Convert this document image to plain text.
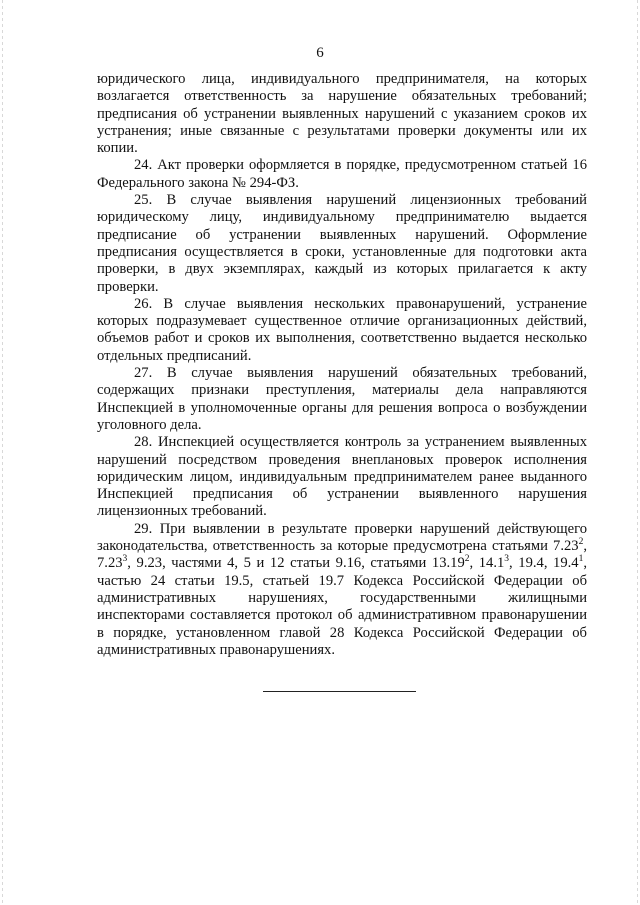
6

юридического лица, индивидуального предпринимателя, на которых возлагается ответственность за нарушение обязательных требований; предписания об устранении выявленных нарушений с указанием сроков их устранения; иные связанные с результатами проверки документы или их копии.

24. Акт проверки оформляется в порядке, предусмотренном статьей 16 Федерального закона № 294-ФЗ.

25. В случае выявления нарушений лицензионных требований юридическому лицу, индивидуальному предпринимателю выдается предписание об устранении выявленных нарушений. Оформление предписания осуществляется в сроки, установленные для подготовки акта проверки, в двух экземплярах, каждый из которых прилагается к акту проверки.

26. В случае выявления нескольких правонарушений, устранение которых подразумевает существенное отличие организационных действий, объемов работ и сроков их выполнения, соответственно выдается несколько отдельных предписаний.

27. В случае выявления нарушений обязательных требований, содержащих признаки преступления, материалы дела направляются Инспекцией в уполномоченные органы для решения вопроса о возбуждении уголовного дела.

28. Инспекцией осуществляется контроль за устранением выявленных нарушений посредством проведения внеплановых проверок исполнения юридическим лицом, индивидуальным предпринимателем ранее выданного Инспекцией предписания об устранении выявленного нарушения лицензионных требований.

29. При выявлении в результате проверки нарушений действующего законодательства, ответственность за которые предусмотрена статьями 7.23$^2$, 7.23$^3$, 9.23, частями 4, 5 и 12 статьи 9.16, статьями 13.19$^2$, 14.1$^3$, 19.4, 19.4$^1$, частью 24 статьи 19.5, статьей 19.7 Кодекса Российской Федерации об административных нарушениях, государственными жилищными инспекторами составляется протокол об административном правонарушении в порядке, установленном главой 28 Кодекса Российской Федерации об административных правонарушениях.
